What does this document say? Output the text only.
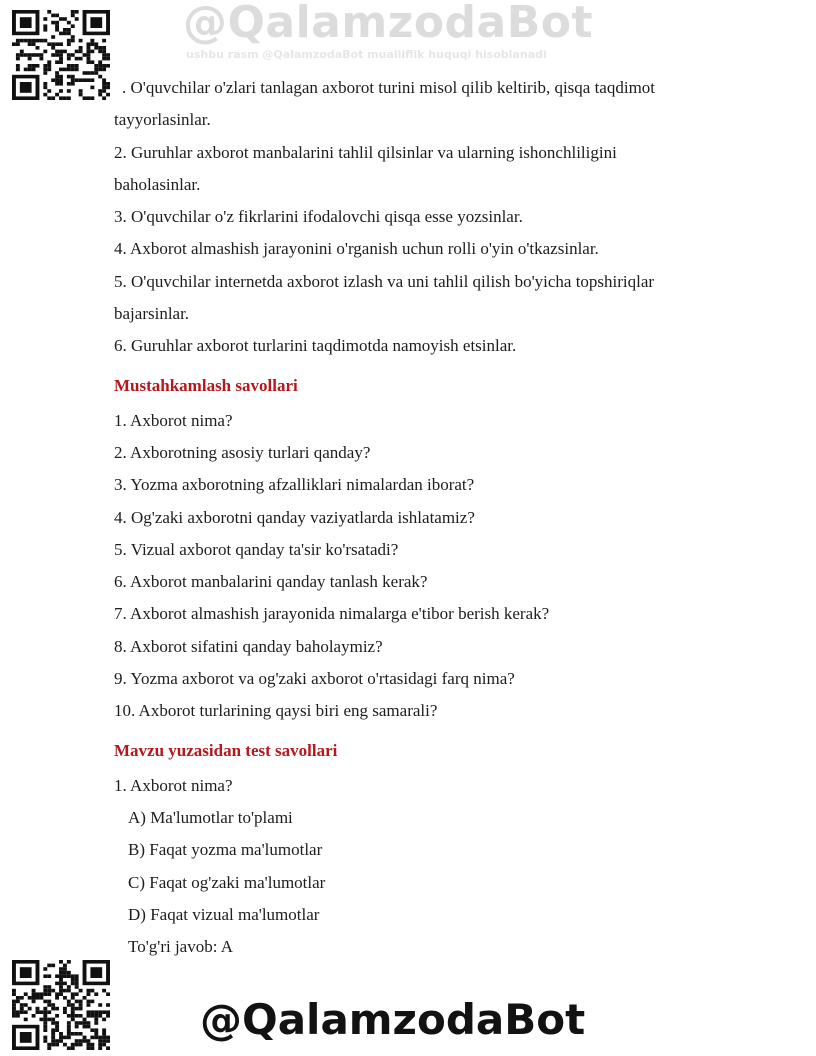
@QalamzodaBot
ushbu rasm @QalamzodaBot mualliflik huquqi hisoblanadi

. O'quvchilar o'zlari tanlagan axborot turini misol qilib keltirib, qisqa taqdimot

tayyorlasinlar.

2. Guruhlar axborot manbalarini tahlil qilsinlar va ularning ishonchliligini

baholasinlar.

3. O'quvchilar o'z fikrlarini ifodalovchi qisqa esse yozsinlar.

4. Axborot almashish jarayonini o'rganish uchun rolli o'yin o'tkazsinlar.

5. O'quvchilar internetda axborot izlash va uni tahlil qilish bo'yicha topshiriqlar

bajarsinlar.

6. Guruhlar axborot turlarini taqdimotda namoyish etsinlar.

Mustahkamlash savollari

1. Axborot nima?

2. Axborotning asosiy turlari qanday?

3. Yozma axborotning afzalliklari nimalardan iborat?

4. Og'zaki axborotni qanday vaziyatlarda ishlatamiz?

5. Vizual axborot qanday ta'sir ko'rsatadi?

6. Axborot manbalarini qanday tanlash kerak?

7. Axborot almashish jarayonida nimalarga e'tibor berish kerak?

8. Axborot sifatini qanday baholaymiz?

9. Yozma axborot va og'zaki axborot o'rtasidagi farq nima?

10. Axborot turlarining qaysi biri eng samarali?

Mavzu yuzasidan test savollari

1. Axborot nima?

A) Ma'lumotlar to'plami

B) Faqat yozma ma'lumotlar

C) Faqat og'zaki ma'lumotlar

D) Faqat vizual ma'lumotlar

To'g'ri javob: A

@QalamzodaBot
